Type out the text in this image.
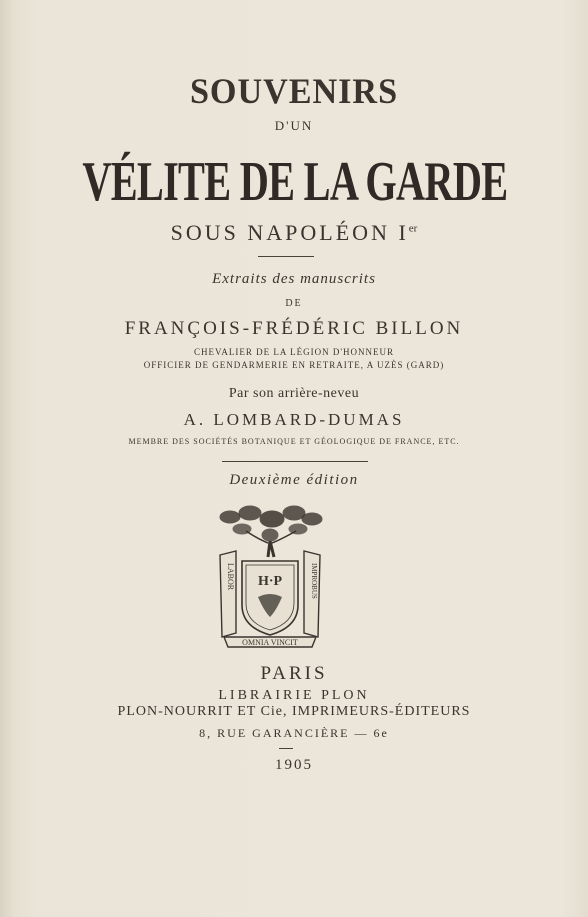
SOUVENIRS
D'UN
VÉLITE DE LA GARDE
SOUS NAPOLÉON Ier
Extraits des manuscrits
DE
FRANÇOIS-FRÉDÉRIC BILLON
CHEVALIER DE LA LÉGION D'HONNEUR
OFFICIER DE GENDARMERIE EN RETRAITE, A UZÈS (GARD)
Par son arrière-neveu
A. LOMBARD-DUMAS
MEMBRE DES SOCIÉTÉS BOTANIQUE ET GÉOLOGIQUE DE FRANCE, ETC.
Deuxième édition
LABOR	IMPROBUS
H·P
OMNIA VINCIT
PARIS
LIBRAIRIE PLON
PLON-NOURRIT ET Cie, IMPRIMEURS-ÉDITEURS
8, RUE GARANCIÈRE — 6e
1905
